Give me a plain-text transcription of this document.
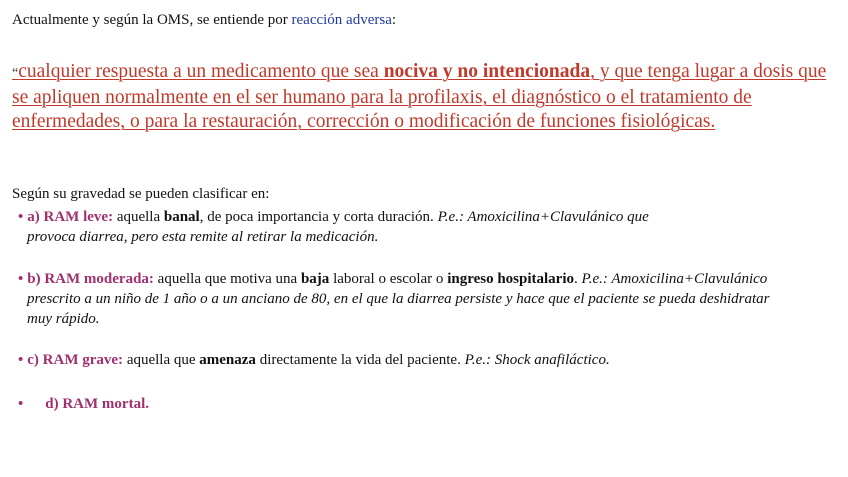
Actualmente y según la OMS, se entiende por reacción adversa:
“cualquier respuesta a un medicamento que sea nociva y no intencionada, y que tenga lugar a dosis que se apliquen normalmente en el ser humano para la profilaxis, el diagnóstico o el tratamiento de enfermedades, o para la restauración, corrección o modificación de funciones fisiológicas.
Según su gravedad se pueden clasificar en:
• a) RAM leve: aquella banal, de poca importancia y corta duración. P.e.: Amoxicilina+Clavulánico que
provoca diarrea, pero esta remite al retirar la medicación.
• b) RAM moderada: aquella que motiva una baja laboral o escolar o ingreso hospitalario. P.e.: Amoxicilina+Clavulánico
prescrito a un niño de 1 año o a un anciano de 80, en el que la diarrea persiste y hace que el paciente se pueda deshidratar
muy rápido.
• c) RAM grave: aquella que amenaza directamente la vida del paciente. P.e.: Shock anafiláctico.
• d) RAM mortal.
